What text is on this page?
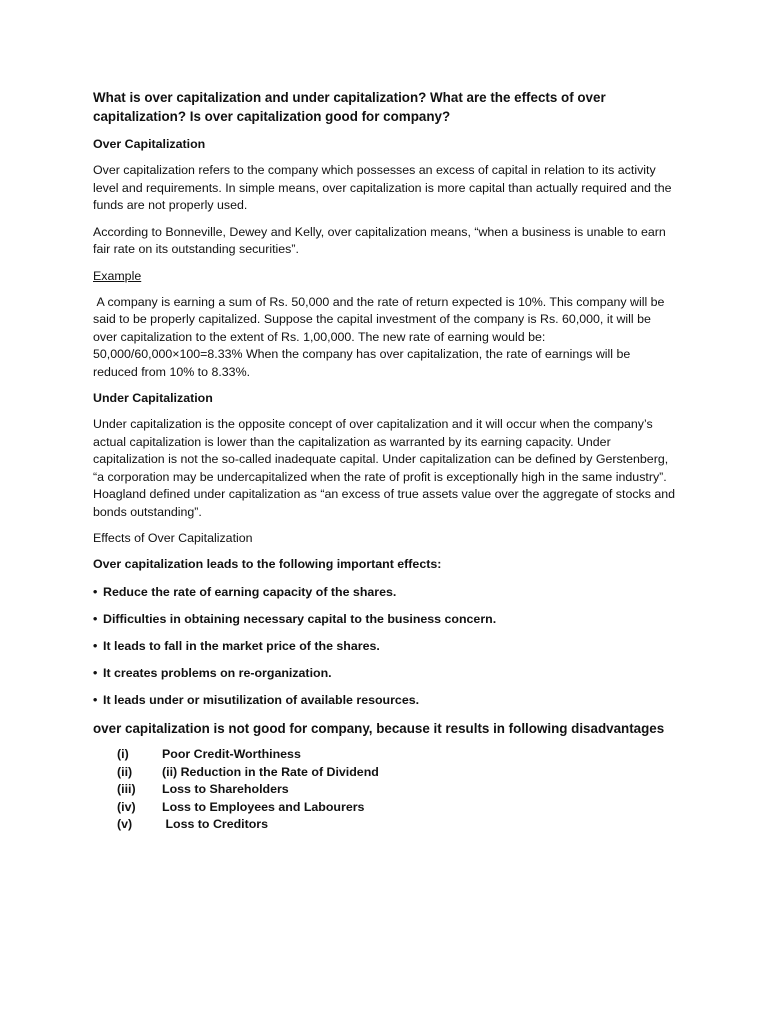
What is over capitalization and under capitalization? What are the effects of over capitalization? Is over capitalization good for company?
Over Capitalization

Over capitalization refers to the company which possesses an excess of capital in relation to its activity level and requirements. In simple means, over capitalization is more capital than actually required and the funds are not properly used.

According to Bonneville, Dewey and Kelly, over capitalization means, “when a business is unable to earn fair rate on its outstanding securities”.

Example

A company is earning a sum of Rs. 50,000 and the rate of return expected is 10%. This company will be said to be properly capitalized. Suppose the capital investment of the company is Rs. 60,000, it will be over capitalization to the extent of Rs. 1,00,000. The new rate of earning would be: 50,000/60,000×100=8.33% When the company has over capitalization, the rate of earnings will be reduced from 10% to 8.33%.

Under Capitalization

Under capitalization is the opposite concept of over capitalization and it will occur when the company’s actual capitalization is lower than the capitalization as warranted by its earning capacity. Under capitalization is not the so-called inadequate capital. Under capitalization can be defined by Gerstenberg, “a corporation may be undercapitalized when the rate of profit is exceptionally high in the same industry”. Hoagland defined under capitalization as “an excess of true assets value over the aggregate of stocks and bonds outstanding”.

Effects of Over Capitalization
Over capitalization leads to the following important effects:
• Reduce the rate of earning capacity of the shares.
• Difficulties in obtaining necessary capital to the business concern.
• It leads to fall in the market price of the shares.
• It creates problems on re-organization.
• It leads under or misutilization of available resources.
over capitalization is not good for company, because it results in following disadvantages
(i)	Poor Credit-Worthiness
(ii)	(ii) Reduction in the Rate of Dividend
(iii)	Loss to Shareholders
(iv)	Loss to Employees and Labourers
(v)	Loss to Creditors
